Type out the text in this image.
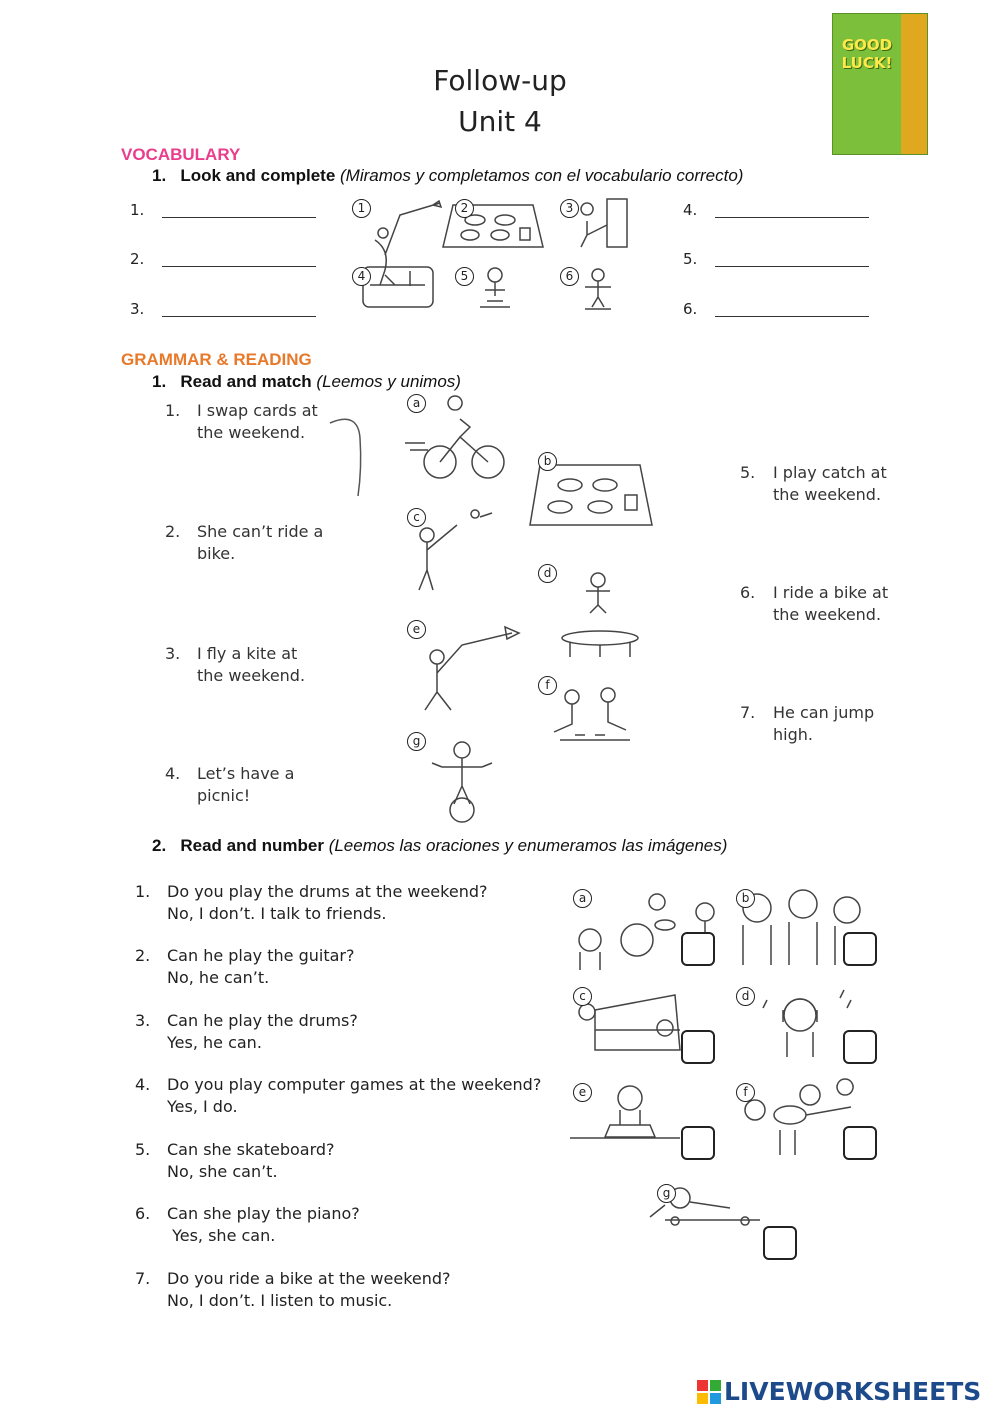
GOOD LUCK!
Follow-up
Unit 4
VOCABULARY
1. Look and complete (Miramos y completamos con el vocabulario correcto)
1.
2.
3.
4.
5.
6.
1	2	3
4	5	6
GRAMMAR & READING
1. Read and match (Leemos y unimos)
1. I swap cards at
the weekend.
2. She can’t ride a
bike.
3. I fly a kite at
the weekend.
4. Let’s have a
picnic!
5. I play catch at
the weekend.
6. I ride a bike at
the weekend.
7. He can jump
high.
a
b
c
d
e
f
g
2. Read and number (Leemos las oraciones y enumeramos las imágenes)
1. Do you play the drums at the weekend?
No, I don’t. I talk to friends.
2. Can he play the guitar?
No, he can’t.
3. Can he play the drums?
Yes, he can.
4. Do you play computer games at the weekend?
Yes, I do.
5. Can she skateboard?
No, she can’t.
6. Can she play the piano?
Yes, she can.
7. Do you ride a bike at the weekend?
No, I don’t. I listen to music.
a	b
c	d
e	f
g
LIVEWORKSHEETS
